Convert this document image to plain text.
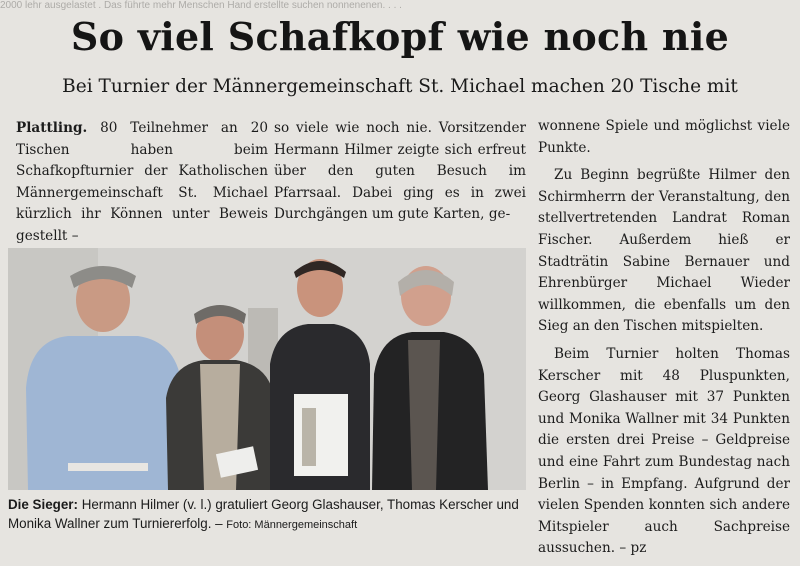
2000 lehr ausgelastet . Das führte mehr Menschen Hand erstellte suchen nonnenenen. . . .
So viel Schafkopf wie noch nie
Bei Turnier der Männergemeinschaft St. Michael machen 20 Tische mit

Plattling. 80 Teilnehmer an 20 Tischen haben beim Schafkopfturnier der Katholischen Männergemeinschaft St. Michael kürzlich ihr Können unter Beweis gestellt –

so viele wie noch nie. Vorsitzender Hermann Hilmer zeigte sich erfreut über den guten Besuch im Pfarrsaal. Dabei ging es in zwei Durchgängen um gute Karten, ge-

wonnene Spiele und möglichst viele Punkte.

Zu Beginn begrüßte Hilmer den Schirmherrn der Veranstaltung, den stellvertretenden Landrat Roman Fischer. Außerdem hieß er Stadträtin Sabine Bernauer und Ehrenbürger Michael Wieder willkommen, die ebenfalls um den Sieg an den Tischen mitspielten.

Beim Turnier holten Thomas Kerscher mit 48 Pluspunkten, Georg Glashauser mit 37 Punkten und Monika Wallner mit 34 Punkten die ersten drei Preise – Geldpreise und eine Fahrt zum Bundestag nach Berlin – in Empfang. Aufgrund der vielen Spenden konnten sich andere Mitspieler auch Sachpreise aussuchen. – pz

Die Sieger: Hermann Hilmer (v. l.) gratuliert Georg Glashauser, Thomas Kerscher und Monika Wallner zum Turniererfolg. – Foto: Männergemeinschaft
